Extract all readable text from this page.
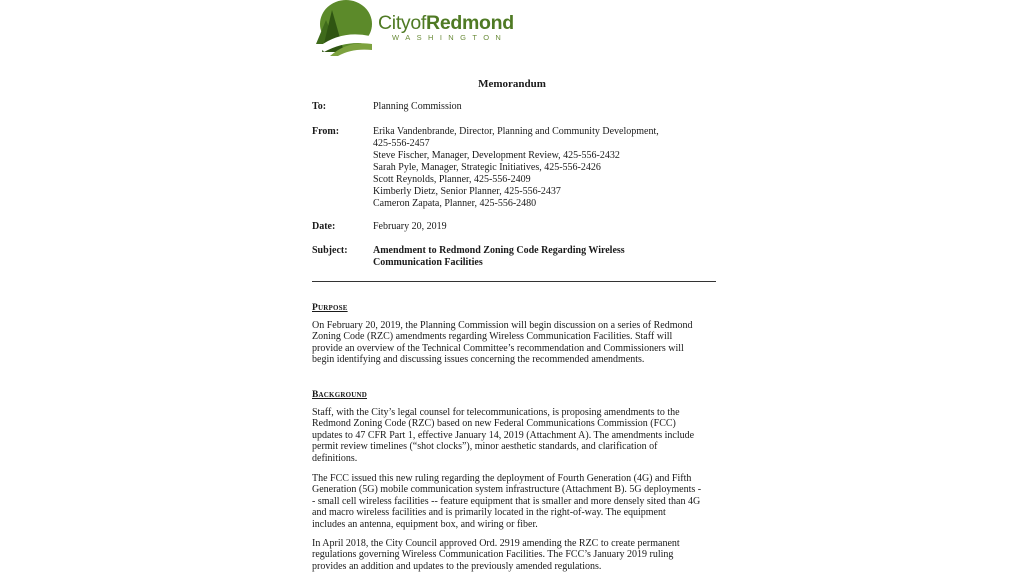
CityofRedmond
WASHINGTON
Memorandum
To:	Planning Commission
From:	Erika Vandenbrande, Director, Planning and Community Development,
425-556-2457
Steve Fischer, Manager, Development Review, 425-556-2432
Sarah Pyle, Manager, Strategic Initiatives, 425-556-2426
Scott Reynolds, Planner, 425-556-2409
Kimberly Dietz, Senior Planner, 425-556-2437
Cameron Zapata, Planner, 425-556-2480
Date:	February 20, 2019
Subject:	Amendment to Redmond Zoning Code Regarding Wireless
Communication Facilities
Purpose
On February 20, 2019, the Planning Commission will begin discussion on a series of Redmond
Zoning Code (RZC) amendments regarding Wireless Communication Facilities. Staff will
provide an overview of the Technical Committee’s recommendation and Commissioners will
begin identifying and discussing issues concerning the recommended amendments.
Background
Staff, with the City’s legal counsel for telecommunications, is proposing amendments to the
Redmond Zoning Code (RZC) based on new Federal Communications Commission (FCC)
updates to 47 CFR Part 1, effective January 14, 2019 (Attachment A). The amendments include
permit review timelines (“shot clocks”), minor aesthetic standards, and clarification of
definitions.
The FCC issued this new ruling regarding the deployment of Fourth Generation (4G) and Fifth
Generation (5G) mobile communication system infrastructure (Attachment B). 5G deployments -
- small cell wireless facilities -- feature equipment that is smaller and more densely sited than 4G
and macro wireless facilities and is primarily located in the right-of-way. The equipment
includes an antenna, equipment box, and wiring or fiber.
In April 2018, the City Council approved Ord. 2919 amending the RZC to create permanent
regulations governing Wireless Communication Facilities. The FCC’s January 2019 ruling
provides an addition and updates to the previously amended regulations.
